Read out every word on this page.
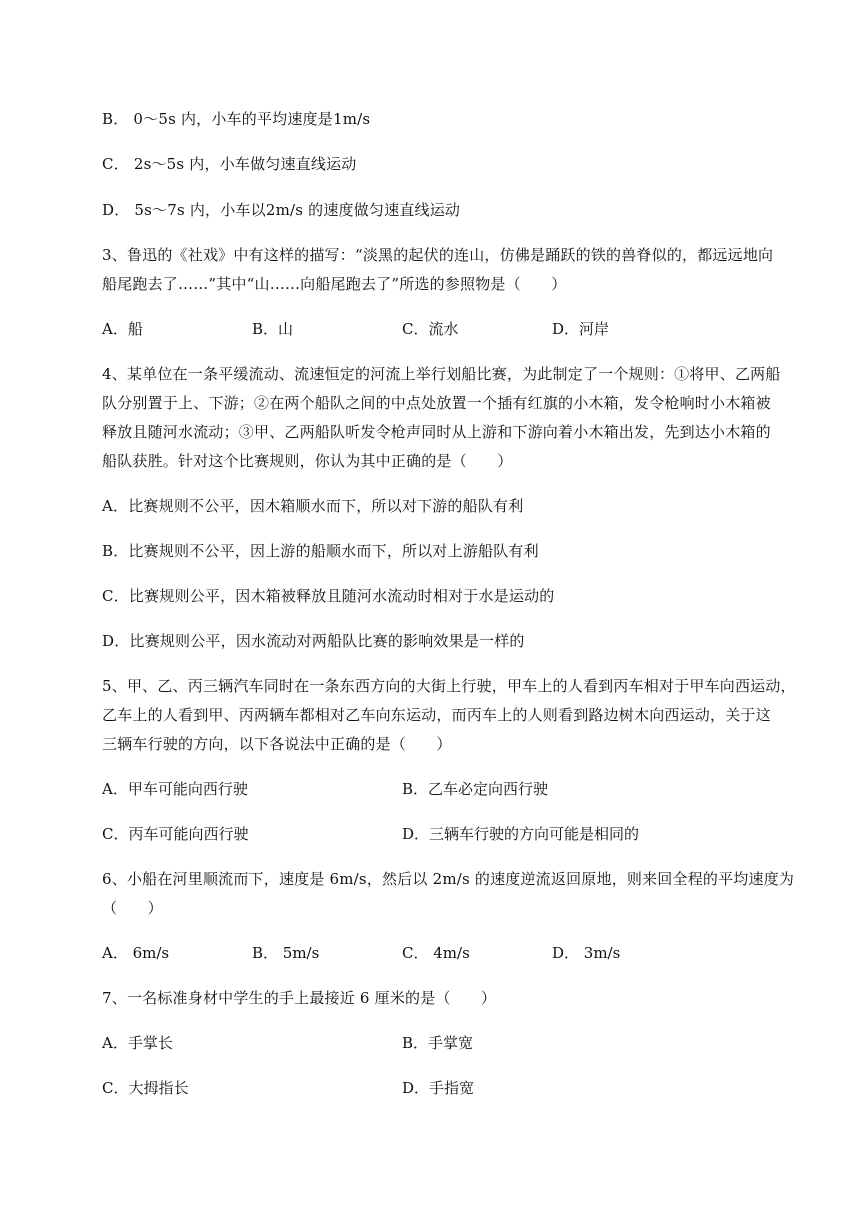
B． 0～5s 内，小车的平均速度是1m/s
C． 2s～5s 内，小车做匀速直线运动
D． 5s～7s 内，小车以2m/s 的速度做匀速直线运动
3、鲁迅的《社戏》中有这样的描写：“淡黑的起伏的连山，仿佛是踊跃的铁的兽脊似的，都远远地向
船尾跑去了……”其中“山……向船尾跑去了”所选的参照物是（　　）
A．船	B．山	C．流水	D．河岸
4、某单位在一条平缓流动、流速恒定的河流上举行划船比赛，为此制定了一个规则：①将甲、乙两船
队分别置于上、下游；②在两个船队之间的中点处放置一个插有红旗的小木箱，发令枪响时小木箱被
释放且随河水流动；③甲、乙两船队听发令枪声同时从上游和下游向着小木箱出发，先到达小木箱的
船队获胜。针对这个比赛规则，你认为其中正确的是（　　）
A．比赛规则不公平，因木箱顺水而下，所以对下游的船队有利
B．比赛规则不公平，因上游的船顺水而下，所以对上游船队有利
C．比赛规则公平，因木箱被释放且随河水流动时相对于水是运动的
D．比赛规则公平，因水流动对两船队比赛的影响效果是一样的
5、甲、乙、丙三辆汽车同时在一条东西方向的大街上行驶，甲车上的人看到丙车相对于甲车向西运动，
乙车上的人看到甲、丙两辆车都相对乙车向东运动，而丙车上的人则看到路边树木向西运动，关于这
三辆车行驶的方向，以下各说法中正确的是（　　）
A．甲车可能向西行驶	B．乙车必定向西行驶
C．丙车可能向西行驶	D．三辆车行驶的方向可能是相同的
6、小船在河里顺流而下，速度是 6m/s，然后以 2m/s 的速度逆流返回原地，则来回全程的平均速度为
（　　）
A． 6m/s	B． 5m/s	C． 4m/s	D． 3m/s
7、一名标准身材中学生的手上最接近 6 厘米的是（　　）
A．手掌长	B．手掌宽
C．大拇指长	D．手指宽
